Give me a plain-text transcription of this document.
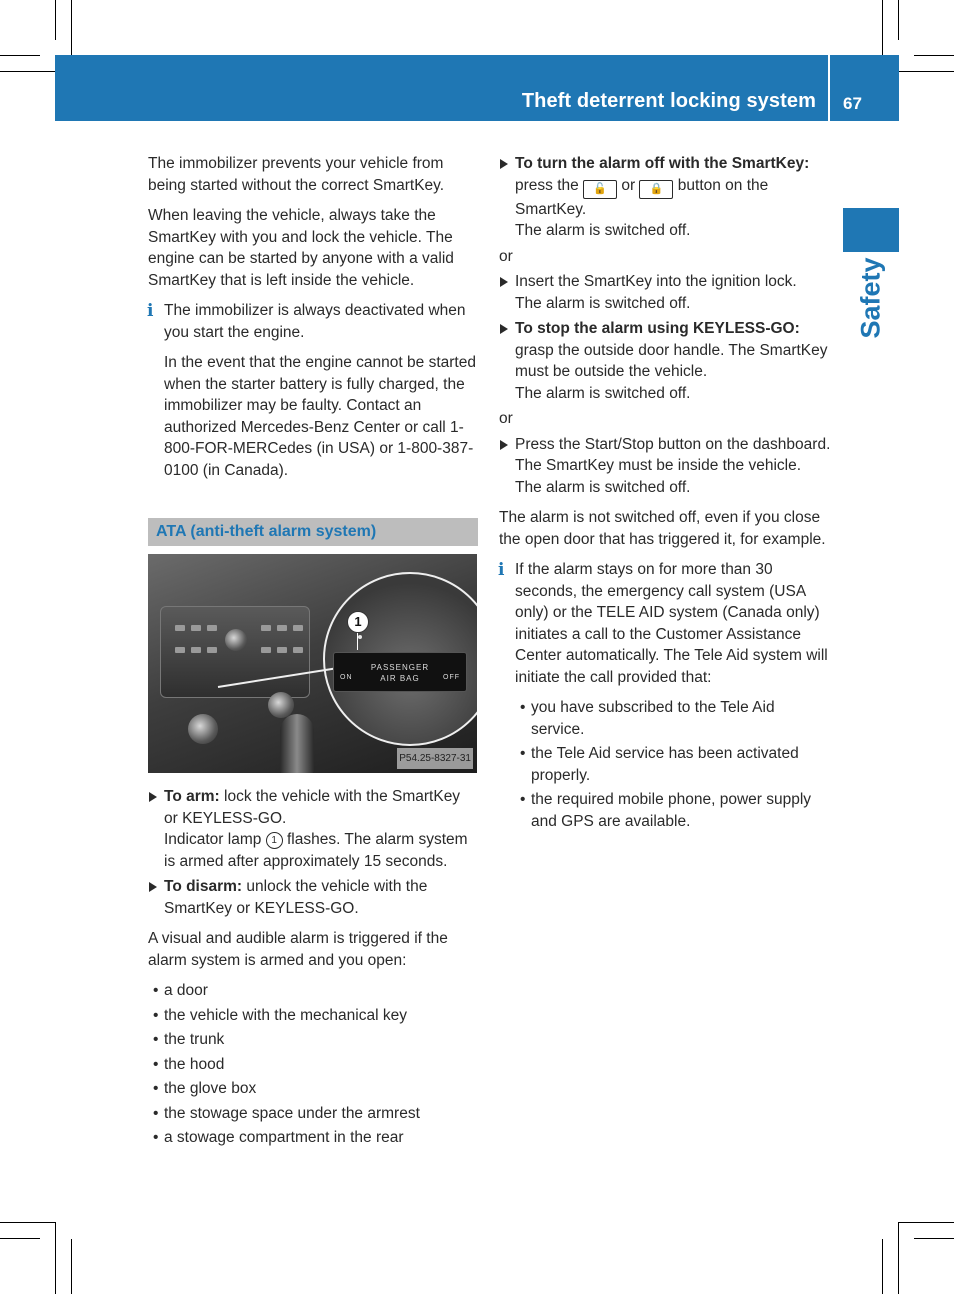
Theft deterrent locking system 67
Safety

The immobilizer prevents your vehicle from being started without the correct SmartKey.

When leaving the vehicle, always take the SmartKey with you and lock the vehicle. The engine can be started by anyone with a valid SmartKey that is left inside the vehicle.

i The immobilizer is always deactivated when you start the engine.

In the event that the engine cannot be started when the starter battery is fully charged, the immobilizer may be faulty. Contact an authorized Mercedes-Benz Center or call 1-800-FOR-MERCedes (in USA) or 1-800-387-0100 (in Canada).

ATA (anti-theft alarm system)
ON
PASSENGER
AIR BAG	OFF
1
P54.25-8327-31
To arm: lock the vehicle with the SmartKey or KEYLESS-GO.
Indicator lamp 1 flashes. The alarm system is armed after approximately 15 seconds.
To disarm: unlock the vehicle with the SmartKey or KEYLESS-GO.

A visual and audible alarm is triggered if the alarm system is armed and you open:

• a door
• the vehicle with the mechanical key
• the trunk
• the hood
• the glove box
• the stowage space under the armrest
• a stowage compartment in the rear
To turn the alarm off with the SmartKey: press the 🔓 or 🔒 button on the SmartKey.
The alarm is switched off.
or
Insert the SmartKey into the ignition lock.
The alarm is switched off.
To stop the alarm using KEYLESS-GO: grasp the outside door handle. The SmartKey must be outside the vehicle.
The alarm is switched off.
or
Press the Start/Stop button on the dashboard. The SmartKey must be inside the vehicle.
The alarm is switched off.

The alarm is not switched off, even if you close the open door that has triggered it, for example.

i If the alarm stays on for more than 30 seconds, the emergency call system (USA only) or the TELE AID system (Canada only) initiates a call to the Customer Assistance Center automatically. The Tele Aid system will initiate the call provided that:

• you have subscribed to the Tele Aid service.
• the Tele Aid service has been activated properly.
• the required mobile phone, power supply and GPS are available.
